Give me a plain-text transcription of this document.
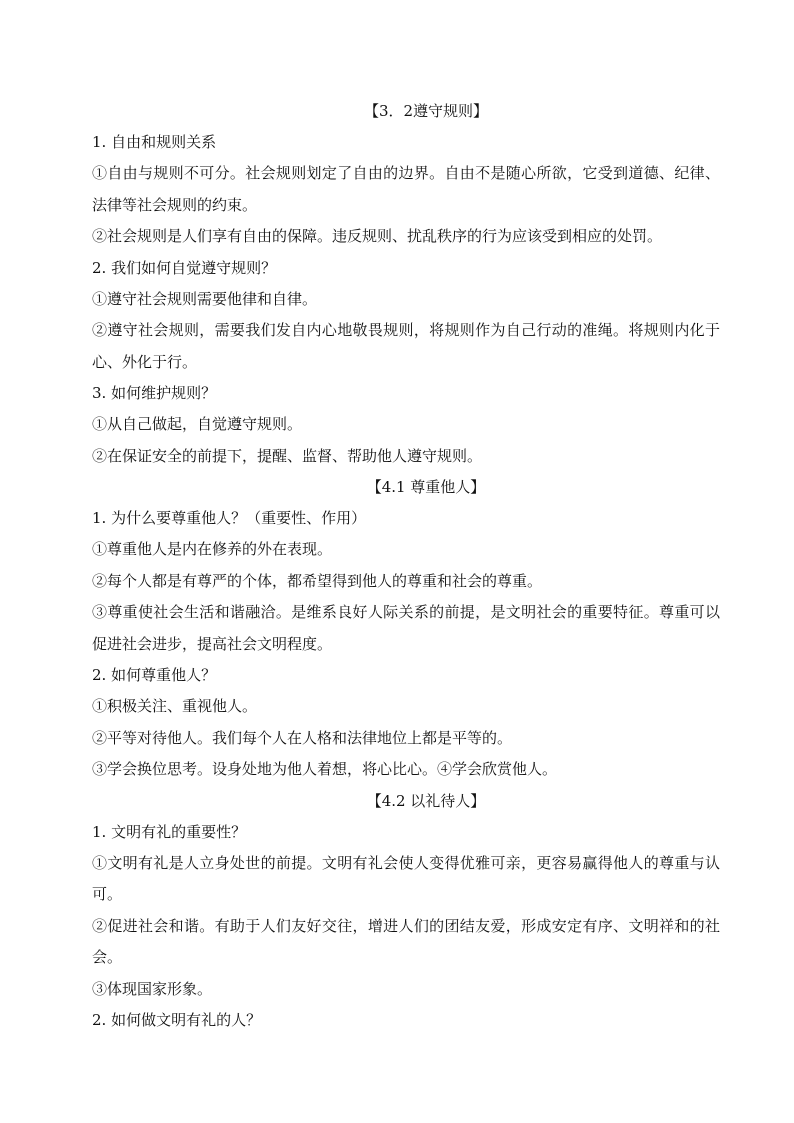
【3．2遵守规则】

1. 自由和规则关系

①自由与规则不可分。社会规则划定了自由的边界。自由不是随心所欲，它受到道德、纪律、法律等社会规则的约束。

②社会规则是人们享有自由的保障。违反规则、扰乱秩序的行为应该受到相应的处罚。

2. 我们如何自觉遵守规则？

①遵守社会规则需要他律和自律。

②遵守社会规则，需要我们发自内心地敬畏规则，将规则作为自己行动的准绳。将规则内化于心、外化于行。

3. 如何维护规则？

①从自己做起，自觉遵守规则。

②在保证安全的前提下，提醒、监督、帮助他人遵守规则。

【4.1 尊重他人】

1. 为什么要尊重他人？（重要性、作用）

①尊重他人是内在修养的外在表现。

②每个人都是有尊严的个体，都希望得到他人的尊重和社会的尊重。

③尊重使社会生活和谐融洽。是维系良好人际关系的前提，是文明社会的重要特征。尊重可以促进社会进步，提高社会文明程度。

2. 如何尊重他人？

①积极关注、重视他人。

②平等对待他人。我们每个人在人格和法律地位上都是平等的。

③学会换位思考。设身处地为他人着想，将心比心。④学会欣赏他人。

【4.2 以礼待人】

1. 文明有礼的重要性？

①文明有礼是人立身处世的前提。文明有礼会使人变得优雅可亲，更容易赢得他人的尊重与认可。

②促进社会和谐。有助于人们友好交往，增进人们的团结友爱，形成安定有序、文明祥和的社会。

③体现国家形象。

2. 如何做文明有礼的人？
